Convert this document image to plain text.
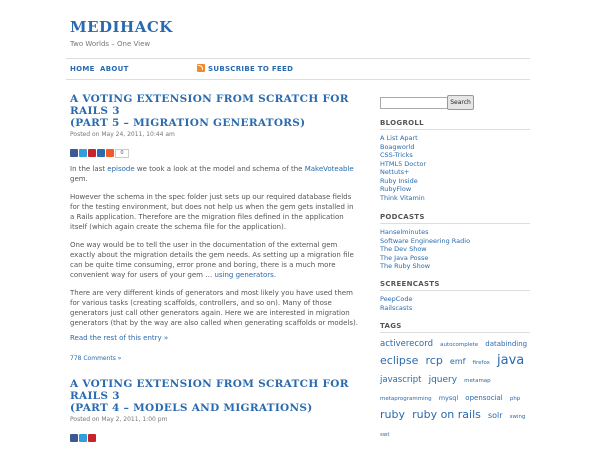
MEDIHACK
Two Worlds – One View
HOME ABOUT	SUBSCRIBE TO FEED
A VOTING EXTENSION FROM SCRATCH FOR RAILS 3
(PART 5 – MIGRATION GENERATORS)
Posted on May 24, 2011, 10:44 am
0

In the last episode we took a look at the model and schema of the MakeVoteable gem.

However the schema in the spec folder just sets up our required database fields for the testing environment, but does not help us when the gem gets installed in a Rails application. Therefore are the migration files defined in the application itself (which again create the schema file for the application).

One way would be to tell the user in the documentation of the external gem exactly about the migration details the gem needs. As setting up a migration file can be quite time consuming, error prone and boring, there is a much more convenient way for users of your gem … using generators.

There are very different kinds of generators and most likely you have used them for various tasks (creating scaffolds, controllers, and so on). Many of those generators just call other generators again. Here we are interested in migration generators (that by the way are also called when generating scaffolds or models).

Read the rest of this entry »
778 Comments »
A VOTING EXTENSION FROM SCRATCH FOR RAILS 3
(PART 4 – MODELS AND MIGRATIONS)
Posted on May 2, 2011, 1:00 pm
Search
BLOGROLL
A List Apart
Boagworld
CSS-Tricks
HTML5 Doctor
Nettuts+
Ruby Inside
RubyFlow
Think Vitamin
PODCASTS
Hanselminutes
Software Engineering Radio
The Dev Show
The Java Posse
The Ruby Show
SCREENCASTS
PeepCode
Railscasts
TAGS
activerecord autocomplete databinding eclipse rcp emf firefox java javascript jquery metamap metaprogramming mysql opensocial php ruby ruby on rails solr swing swt
